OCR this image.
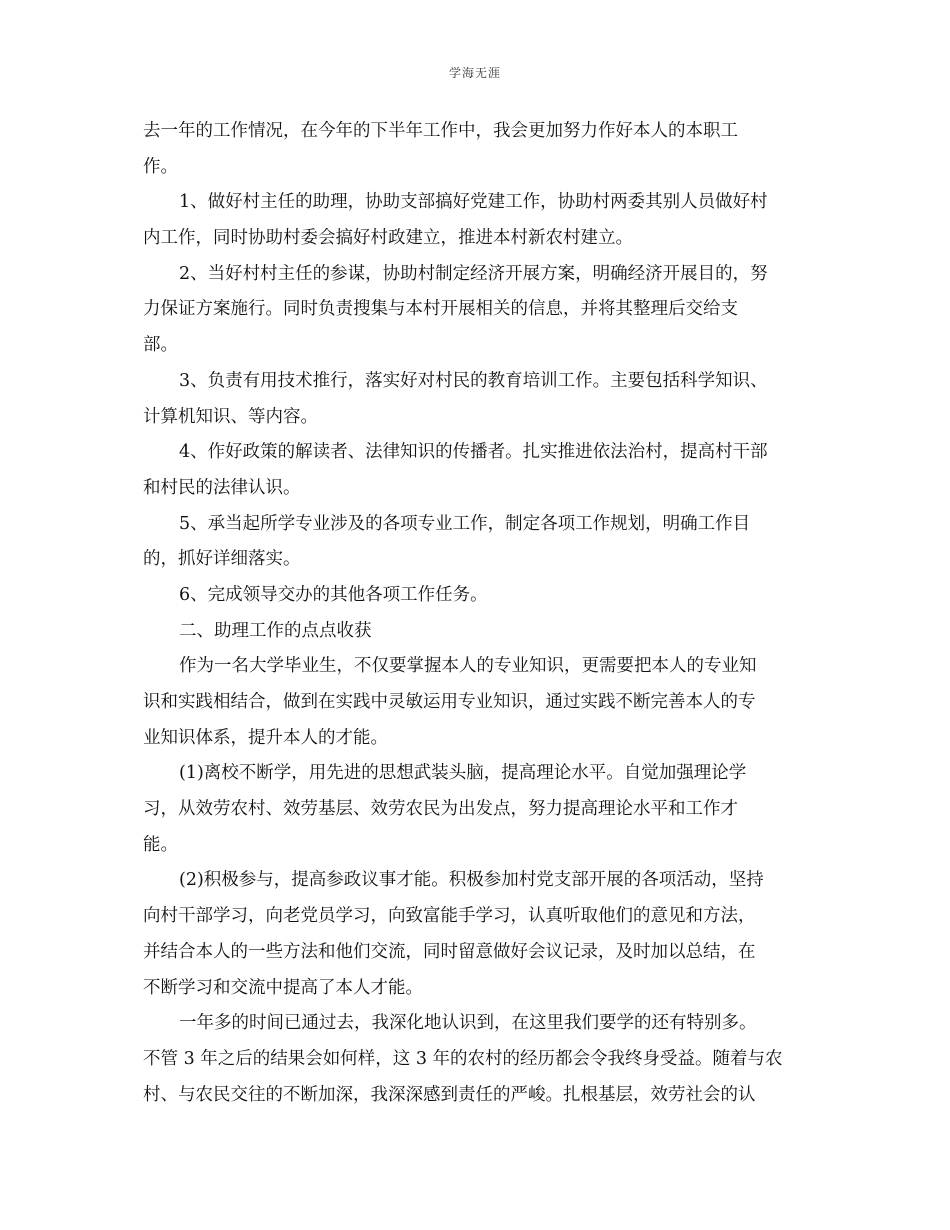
学海无涯
去一年的工作情况，在今年的下半年工作中，我会更加努力作好本人的本职工
作。
1、做好村主任的助理，协助支部搞好党建工作，协助村两委其别人员做好村
内工作，同时协助村委会搞好村政建立，推进本村新农村建立。
2、当好村村主任的参谋，协助村制定经济开展方案，明确经济开展目的，努
力保证方案施行。同时负责搜集与本村开展相关的信息，并将其整理后交给支
部。
3、负责有用技术推行，落实好对村民的教育培训工作。主要包括科学知识、
计算机知识、等内容。
4、作好政策的解读者、法律知识的传播者。扎实推进依法治村，提高村干部
和村民的法律认识。
5、承当起所学专业涉及的各项专业工作，制定各项工作规划，明确工作目
的，抓好详细落实。
6、完成领导交办的其他各项工作任务。
二、助理工作的点点收获
作为一名大学毕业生，不仅要掌握本人的专业知识，更需要把本人的专业知
识和实践相结合，做到在实践中灵敏运用专业知识，通过实践不断完善本人的专
业知识体系，提升本人的才能。
(1)离校不断学，用先进的思想武装头脑，提高理论水平。自觉加强理论学
习，从效劳农村、效劳基层、效劳农民为出发点，努力提高理论水平和工作才
能。
(2)积极参与，提高参政议事才能。积极参加村党支部开展的各项活动，坚持
向村干部学习，向老党员学习，向致富能手学习，认真听取他们的意见和方法，
并结合本人的一些方法和他们交流，同时留意做好会议记录，及时加以总结，在
不断学习和交流中提高了本人才能。
一年多的时间已通过去，我深化地认识到，在这里我们要学的还有特别多。
不管 3 年之后的结果会如何样，这 3 年的农村的经历都会令我终身受益。随着与农
村、与农民交往的不断加深，我深深感到责任的严峻。扎根基层，效劳社会的认
